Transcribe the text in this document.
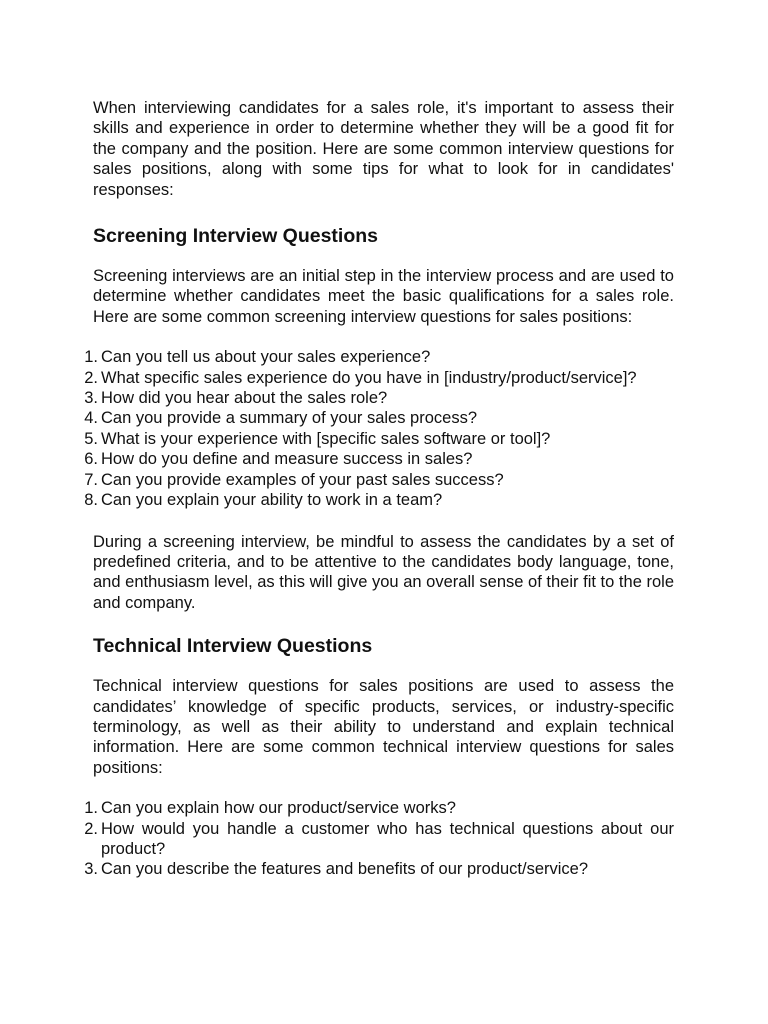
When interviewing candidates for a sales role, it's important to assess their skills and experience in order to determine whether they will be a good fit for the company and the position. Here are some common interview questions for sales positions, along with some tips for what to look for in candidates' responses:

Screening Interview Questions

Screening interviews are an initial step in the interview process and are used to determine whether candidates meet the basic qualifications for a sales role. Here are some common screening interview questions for sales positions:

1 . Can you tell us about your sales experience?
2 . What specific sales experience do you have in [industry/product/service]?
3 . How did you hear about the sales role?
4 . Can you provide a summary of your sales process?
5 . What is your experience with [specific sales software or tool]?
6 . How do you define and measure success in sales?
7 . Can you provide examples of your past sales success?
8 . Can you explain your ability to work in a team?

During a screening interview, be mindful to assess the candidates by a set of predefined criteria, and to be attentive to the candidates body language, tone, and enthusiasm level, as this will give you an overall sense of their fit to the role and company.

Technical Interview Questions

Technical interview questions for sales positions are used to assess the candidates’ knowledge of specific products, services, or industry-specific terminology, as well as their ability to understand and explain technical information. Here are some common technical interview questions for sales positions:

1 . Can you explain how our product/service works?
2 . How would you handle a customer who has technical questions about our product?
3 . Can you describe the features and benefits of our product/service?
